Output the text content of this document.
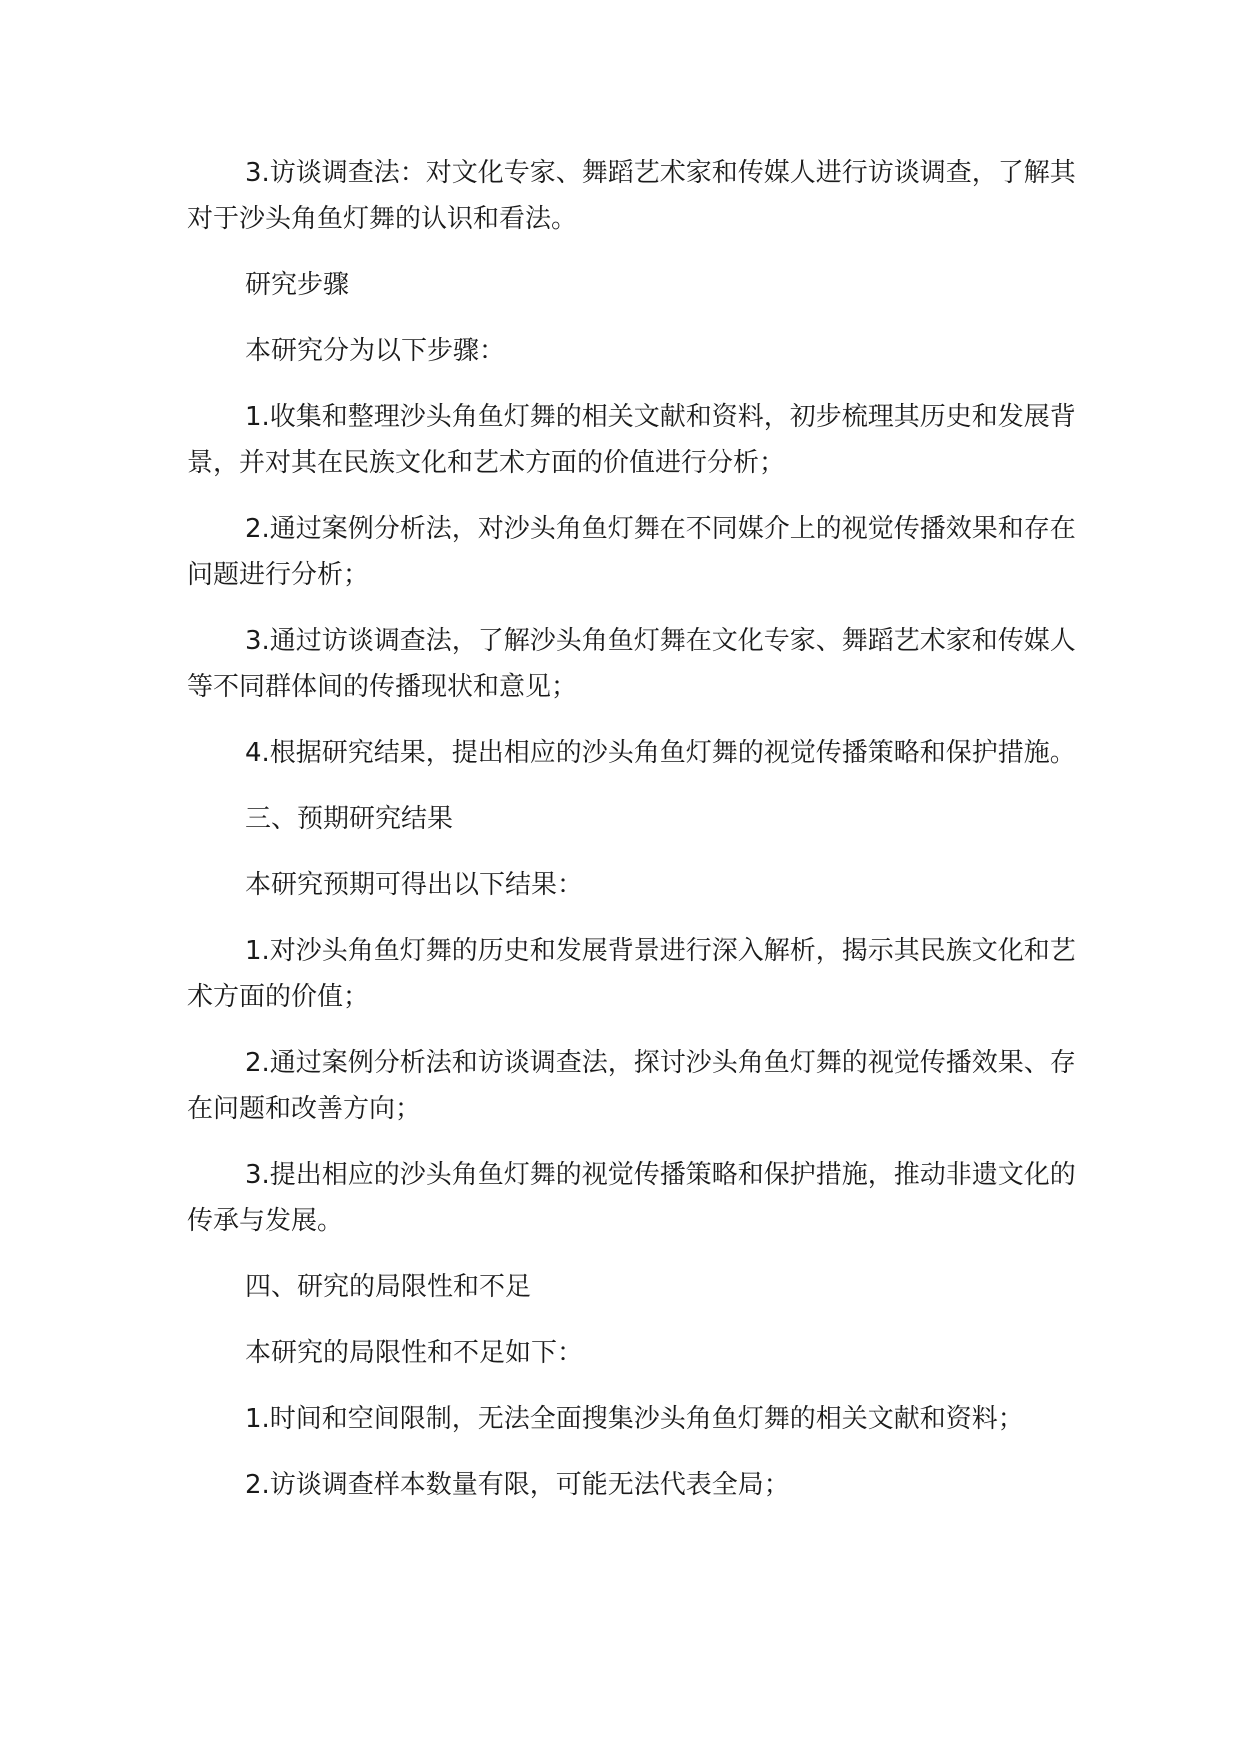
3.访谈调查法：对文化专家、舞蹈艺术家和传媒人进行访谈调查，了解其对于沙头角鱼灯舞的认识和看法。

研究步骤

本研究分为以下步骤：

1.收集和整理沙头角鱼灯舞的相关文献和资料，初步梳理其历史和发展背景，并对其在民族文化和艺术方面的价值进行分析；

2.通过案例分析法，对沙头角鱼灯舞在不同媒介上的视觉传播效果和存在问题进行分析；

3.通过访谈调查法，了解沙头角鱼灯舞在文化专家、舞蹈艺术家和传媒人等不同群体间的传播现状和意见；

4.根据研究结果，提出相应的沙头角鱼灯舞的视觉传播策略和保护措施。

三、预期研究结果

本研究预期可得出以下结果：

1.对沙头角鱼灯舞的历史和发展背景进行深入解析，揭示其民族文化和艺术方面的价值；

2.通过案例分析法和访谈调查法，探讨沙头角鱼灯舞的视觉传播效果、存在问题和改善方向；

3.提出相应的沙头角鱼灯舞的视觉传播策略和保护措施，推动非遗文化的传承与发展。

四、研究的局限性和不足

本研究的局限性和不足如下：

1.时间和空间限制，无法全面搜集沙头角鱼灯舞的相关文献和资料；

2.访谈调查样本数量有限，可能无法代表全局；
